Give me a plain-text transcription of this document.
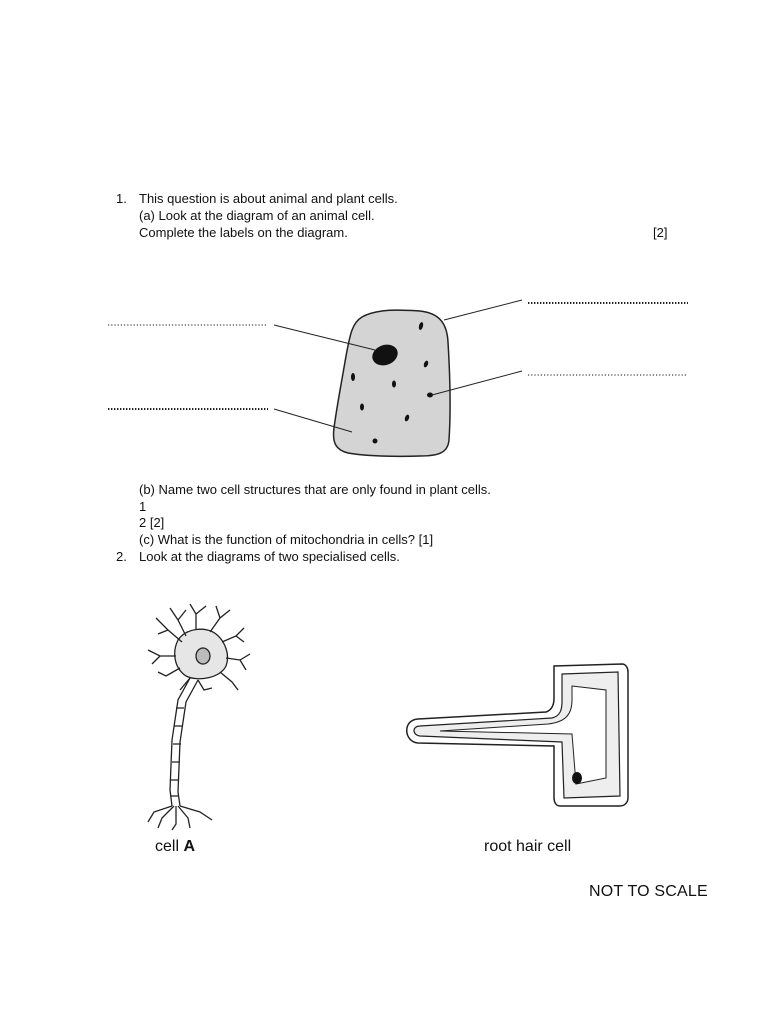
1. This question is about animal and plant cells.
(a) Look at the diagram of an animal cell.
Complete the labels on the diagram.	[2]
(b) Name two cell structures that are only found in plant cells.
1
2 [2]
(c) What is the function of mitochondria in cells? [1]
2. Look at the diagrams of two specialised cells.
cell A	root hair cell
NOT TO SCALE
